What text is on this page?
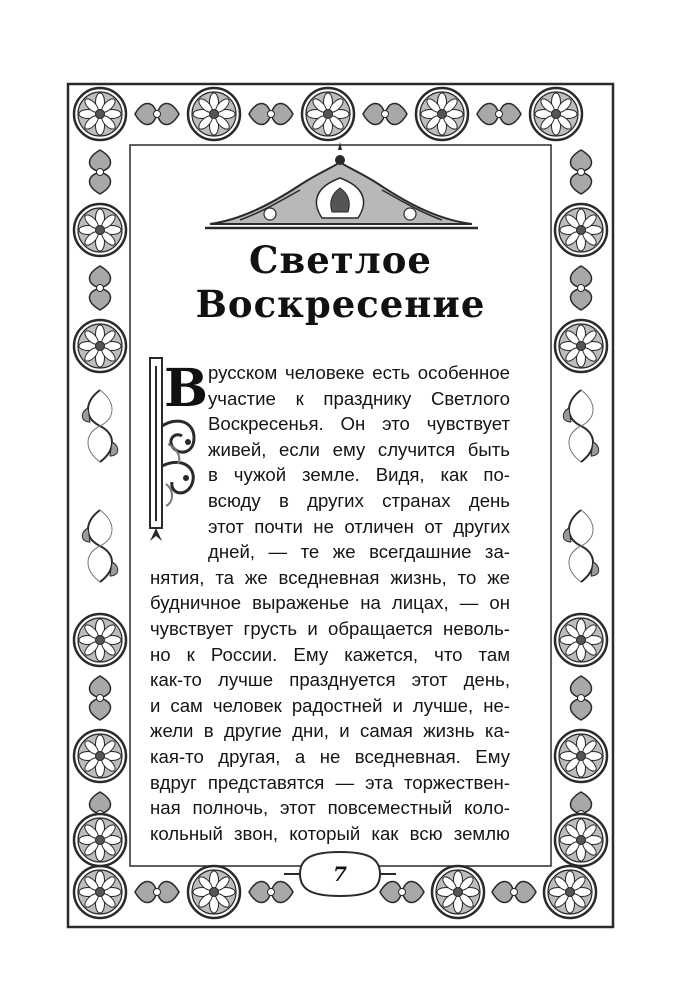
Светлое
Воскресение
В русском человеке есть особенное
участие к празднику Светлого
Воскресенья. Он это чувствует
живей, если ему случится быть
в чужой земле. Видя, как по-
всюду в других странах день
этот почти не отличен от других
дней, — те же всегдашние за-
нятия, та же вседневная жизнь, то же
будничное выраженье на лицах, — он
чувствует грусть и обращается неволь-
но к России. Ему кажется, что там
как-то лучше празднуется этот день,
и сам человек радостней и лучше, не-
жели в другие дни, и самая жизнь ка-
кая-то другая, а не вседневная. Ему
вдруг представятся — эта торжествен-
ная полночь, этот повсеместный коло-
кольный звон, который как всю землю
7
